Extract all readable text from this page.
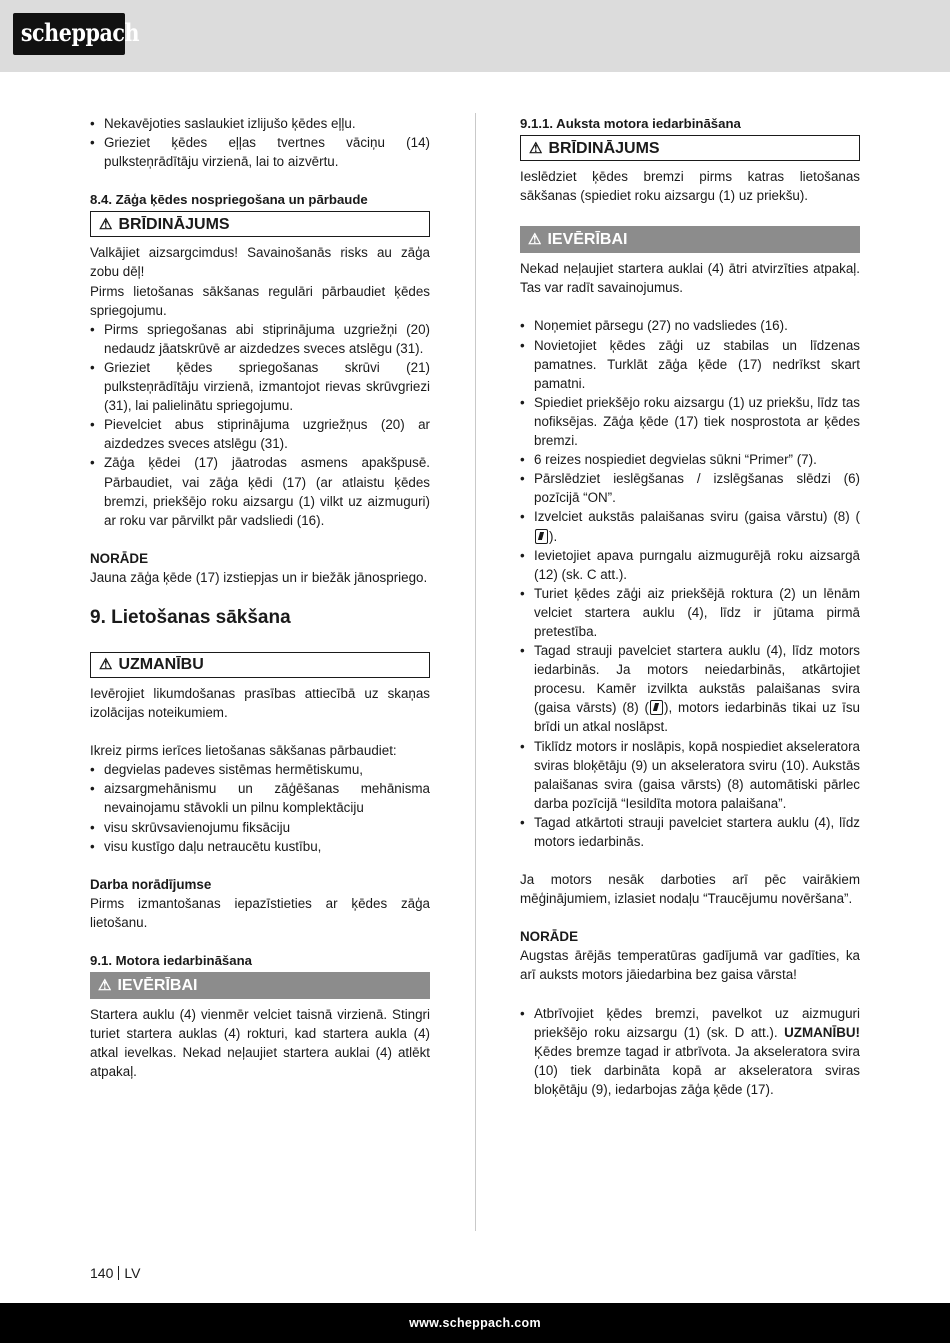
scheppach
• Nekavējoties saslaukiet izlijušo ķēdes eļļu.
• Grieziet ķēdes eļļas tvertnes vāciņu (14) pulksteņrādītāju virzienā, lai to aizvērtu.
8.4. Zāģa ķēdes nospriegošana un pārbaude
⚠ BRĪDINĀJUMS
Valkājiet aizsargcimdus! Savainošanās risks au zāģa zobu dēļ!
Pirms lietošanas sākšanas regulāri pārbaudiet ķēdes spriegojumu.
• Pirms spriegošanas abi stiprinājuma uzgriežņi (20) nedaudz jāatskrūvē ar aizdedzes sveces atslēgu (31).
• Grieziet ķēdes spriegošanas skrūvi (21) pulksteņrādītāju virzienā, izmantojot rievas skrūvgriezi (31), lai palielinātu spriegojumu.
• Pievelciet abus stiprinājuma uzgriežņus (20) ar aizdedzes sveces atslēgu (31).
• Zāģa ķēdei (17) jāatrodas asmens apakšpusē. Pārbaudiet, vai zāģa ķēdi (17) (ar atlaistu ķēdes bremzi, priekšējo roku aizsargu (1) vilkt uz aizmuguri) ar roku var pārvilkt pār vadsliedi (16).
NORĀDE
Jauna zāģa ķēde (17) izstiepjas un ir biežāk jānospriego.
9. Lietošanas sākšana
⚠ UZMANĪBU
Ievērojiet likumdošanas prasības attiecībā uz skaņas izolācijas noteikumiem.
Ikreiz pirms ierīces lietošanas sākšanas pārbaudiet:
• degvielas padeves sistēmas hermētiskumu,
• aizsargmehānismu un zāģēšanas mehānisma nevainojamu stāvokli un pilnu komplektāciju
• visu skrūvsavienojumu fiksāciju
• visu kustīgo daļu netraucētu kustību,
Darba norādījumse
Pirms izmantošanas iepazīstieties ar ķēdes zāģa lietošanu.
9.1. Motora iedarbināšana
⚠ IEVĒRĪBAI
Startera auklu (4) vienmēr velciet taisnā virzienā. Stingri turiet startera auklas (4) rokturi, kad startera aukla (4) atkal ievelkas. Nekad neļaujiet startera auklai (4) atlēkt atpakaļ.
9.1.1. Auksta motora iedarbināšana
⚠ BRĪDINĀJUMS
Ieslēdziet ķēdes bremzi pirms katras lietošanas sākšanas (spiediet roku aizsargu (1) uz priekšu).
⚠ IEVĒRĪBAI
Nekad neļaujiet startera auklai (4) ātri atvirzīties atpakaļ. Tas var radīt savainojumus.
• Noņemiet pārsegu (27) no vadsliedes (16).
• Novietojiet ķēdes zāģi uz stabilas un līdzenas pamatnes. Turklāt zāģa ķēde (17) nedrīkst skart pamatni.
• Spiediet priekšējo roku aizsargu (1) uz priekšu, līdz tas nofiksējas. Zāģa ķēde (17) tiek nosprostota ar ķēdes bremzi.
• 6 reizes nospiediet degvielas sūkni “Primer” (7).
• Pārslēdziet ieslēgšanas / izslēgšanas slēdzi (6) pozīcijā “ON”.
• Izvelciet aukstās palaišanas sviru (gaisa vārstu) (8) ().
• Ievietojiet apava purngalu aizmugurējā roku aizsargā (12) (sk. C att.).
• Turiet ķēdes zāģi aiz priekšējā roktura (2) un lēnām velciet startera auklu (4), līdz ir jūtama pirmā pretestība.
• Tagad strauji pavelciet startera auklu (4), līdz motors iedarbinās. Ja motors neiedarbinās, atkārtojiet procesu. Kamēr izvilkta aukstās palaišanas svira (gaisa vārsts) (8) ( ), motors iedarbinās tikai uz īsu brīdi un atkal noslāpst.
• Tiklīdz motors ir noslāpis, kopā nospiediet akseleratora sviras bloķētāju (9) un akseleratora sviru (10). Aukstās palaišanas svira (gaisa vārsts) (8) automātiski pārlec darba pozīcijā “Iesildīta motora palaišana”.
• Tagad atkārtoti strauji pavelciet startera auklu (4), līdz motors iedarbinās.
Ja motors nesāk darboties arī pēc vairākiem mēģinājumiem, izlasiet nodaļu “Traucējumu novēršana”.
NORĀDE
Augstas ārējās temperatūras gadījumā var gadīties, ka arī auksts motors jāiedarbina bez gaisa vārsta!
• Atbrīvojiet ķēdes bremzi, pavelkot uz aizmuguri priekšējo roku aizsargu (1) (sk. D att.). UZMANĪBU! Ķēdes bremze tagad ir atbrīvota. Ja akseleratora svira (10) tiek darbināta kopā ar akseleratora sviras bloķētāju (9), iedarbojas zāģa ķēde (17).
140 LV
www.scheppach.com
